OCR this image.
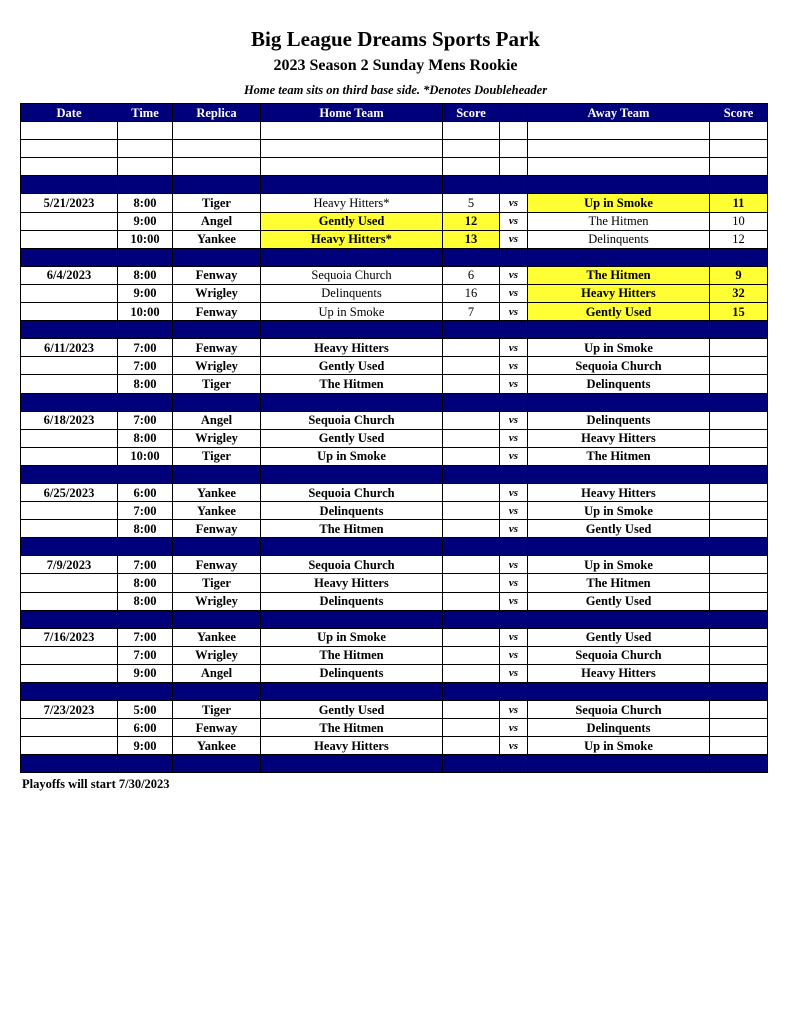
Big League Dreams Sports Park
2023 Season 2 Sunday Mens Rookie
Home team sits on third base side. *Denotes Doubleheader
Date	Time	Replica	Home Team	Score		Away Team	Score

5/21/2023	8:00	Tiger	Heavy Hitters*	5	vs	Up in Smoke	11
	9:00	Angel	Gently Used	12	vs	The Hitmen	10
	10:00	Yankee	Heavy Hitters*	13	vs	Delinquents	12

6/4/2023	8:00	Fenway	Sequoia Church	6	vs	The Hitmen	9
	9:00	Wrigley	Delinquents	16	vs	Heavy Hitters	32
	10:00	Fenway	Up in Smoke	7	vs	Gently Used	15

6/11/2023	7:00	Fenway	Heavy Hitters		vs	Up in Smoke	
	7:00	Wrigley	Gently Used		vs	Sequoia Church	
	8:00	Tiger	The Hitmen		vs	Delinquents	

6/18/2023	7:00	Angel	Sequoia Church		vs	Delinquents	
	8:00	Wrigley	Gently Used		vs	Heavy Hitters	
	10:00	Tiger	Up in Smoke		vs	The Hitmen	

6/25/2023	6:00	Yankee	Sequoia Church		vs	Heavy Hitters	
	7:00	Yankee	Delinquents		vs	Up in Smoke	
	8:00	Fenway	The Hitmen		vs	Gently Used	

7/9/2023	7:00	Fenway	Sequoia Church		vs	Up in Smoke	
	8:00	Tiger	Heavy Hitters		vs	The Hitmen	
	8:00	Wrigley	Delinquents		vs	Gently Used	

7/16/2023	7:00	Yankee	Up in Smoke		vs	Gently Used	
	7:00	Wrigley	The Hitmen		vs	Sequoia Church	
	9:00	Angel	Delinquents		vs	Heavy Hitters	

7/23/2023	5:00	Tiger	Gently Used		vs	Sequoia Church	
	6:00	Fenway	The Hitmen		vs	Delinquents	
	9:00	Yankee	Heavy Hitters		vs	Up in Smoke	

Playoffs will start 7/30/2023
